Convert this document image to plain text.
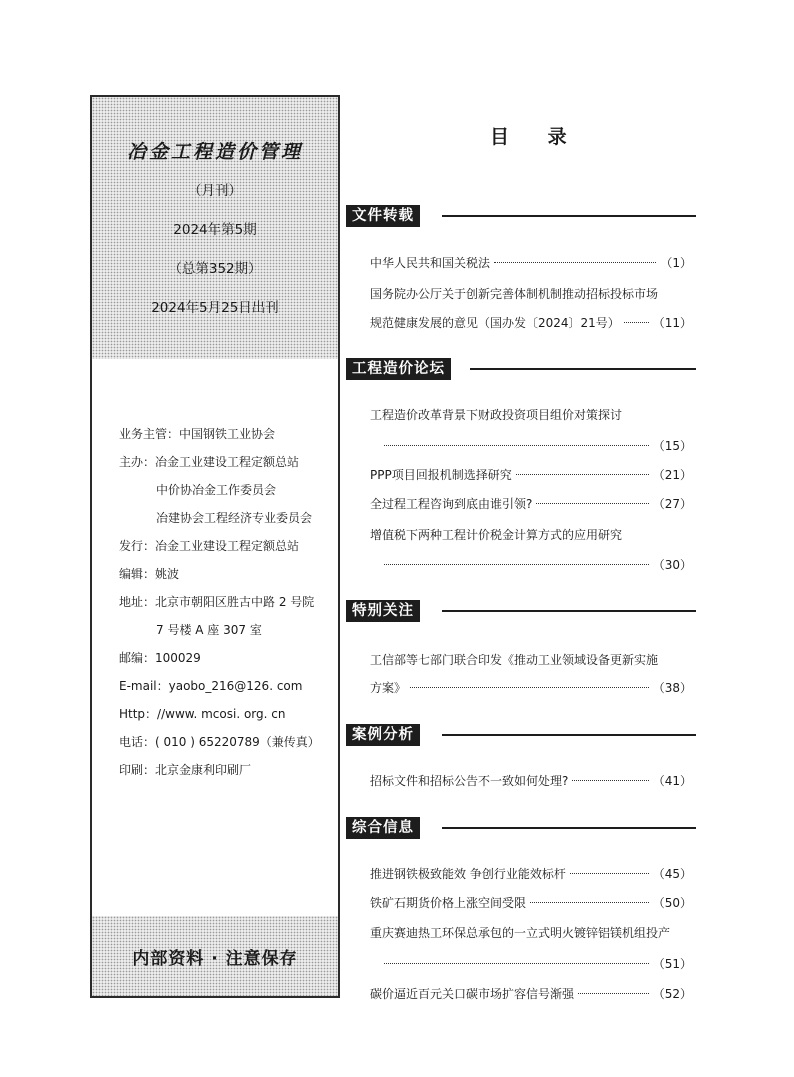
冶金工程造价管理
（月刊）
2024年第5期
（总第352期）
2024年5月25日出刊
业务主管：中国钢铁工业协会
主办：冶金工业建设工程定额总站
中价协冶金工作委员会
冶建协会工程经济专业委员会
发行：冶金工业建设工程定额总站
编辑：姚波
地址：北京市朝阳区胜古中路 2 号院
7 号楼 A 座 307 室
邮编：100029
E-mail：yaobo_216@126. com
Http：//www. mcosi. org. cn
电话：( 010 ) 65220789（兼传真）
印刷：北京金康利印刷厂
内部资料 · 注意保存
目 录
文件转载
中华人民共和国关税法	（1）
国务院办公厅关于创新完善体制机制推动招标投标市场
规范健康发展的意见（国办发〔2024〕21号）	（11）
工程造价论坛
工程造价改革背景下财政投资项目组价对策探讨
（15）
PPP项目回报机制选择研究	（21）
全过程工程咨询到底由谁引领?	（27）
增值税下两种工程计价税金计算方式的应用研究
（30）
特别关注
工信部等七部门联合印发《推动工业领域设备更新实施
方案》	（38）
案例分析
招标文件和招标公告不一致如何处理?	（41）
综合信息
推进钢铁极致能效 争创行业能效标杆	（45）
铁矿石期货价格上涨空间受限	（50）
重庆赛迪热工环保总承包的一立式明火镀锌铝镁机组投产
（51）
碳价逼近百元关口碳市场扩容信号渐强	（52）
